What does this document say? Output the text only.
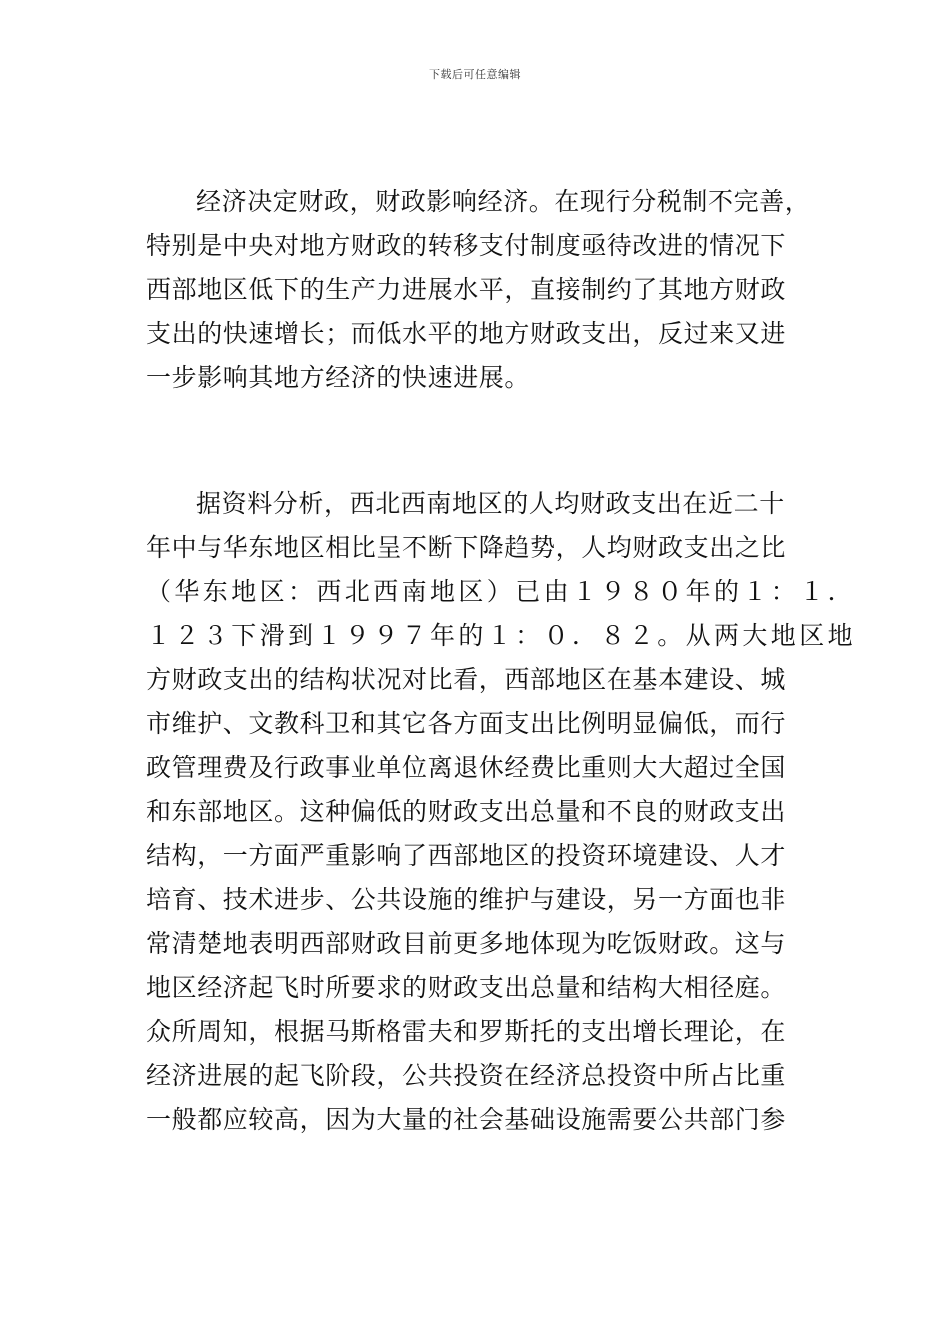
下载后可任意编辑
经济决定财政，财政影响经济。在现行分税制不完善，
特别是中央对地方财政的转移支付制度亟待改进的情况下
西部地区低下的生产力进展水平，直接制约了其地方财政
支出的快速增长；而低水平的地方财政支出，反过来又进
一步影响其地方经济的快速进展。
据资料分析，西北西南地区的人均财政支出在近二十
年中与华东地区相比呈不断下降趋势，人均财政支出之比
（华东地区：西北西南地区）已由１９８０年的１：１．
１２３下滑到１９９７年的１：０．８２。从两大地区地
方财政支出的结构状况对比看，西部地区在基本建设、城
市维护、文教科卫和其它各方面支出比例明显偏低，而行
政管理费及行政事业单位离退休经费比重则大大超过全国
和东部地区。这种偏低的财政支出总量和不良的财政支出
结构，一方面严重影响了西部地区的投资环境建设、人才
培育、技术进步、公共设施的维护与建设，另一方面也非
常清楚地表明西部财政目前更多地体现为吃饭财政。这与
地区经济起飞时所要求的财政支出总量和结构大相径庭。
众所周知，根据马斯格雷夫和罗斯托的支出增长理论，在
经济进展的起飞阶段，公共投资在经济总投资中所占比重
一般都应较高，因为大量的社会基础设施需要公共部门参
